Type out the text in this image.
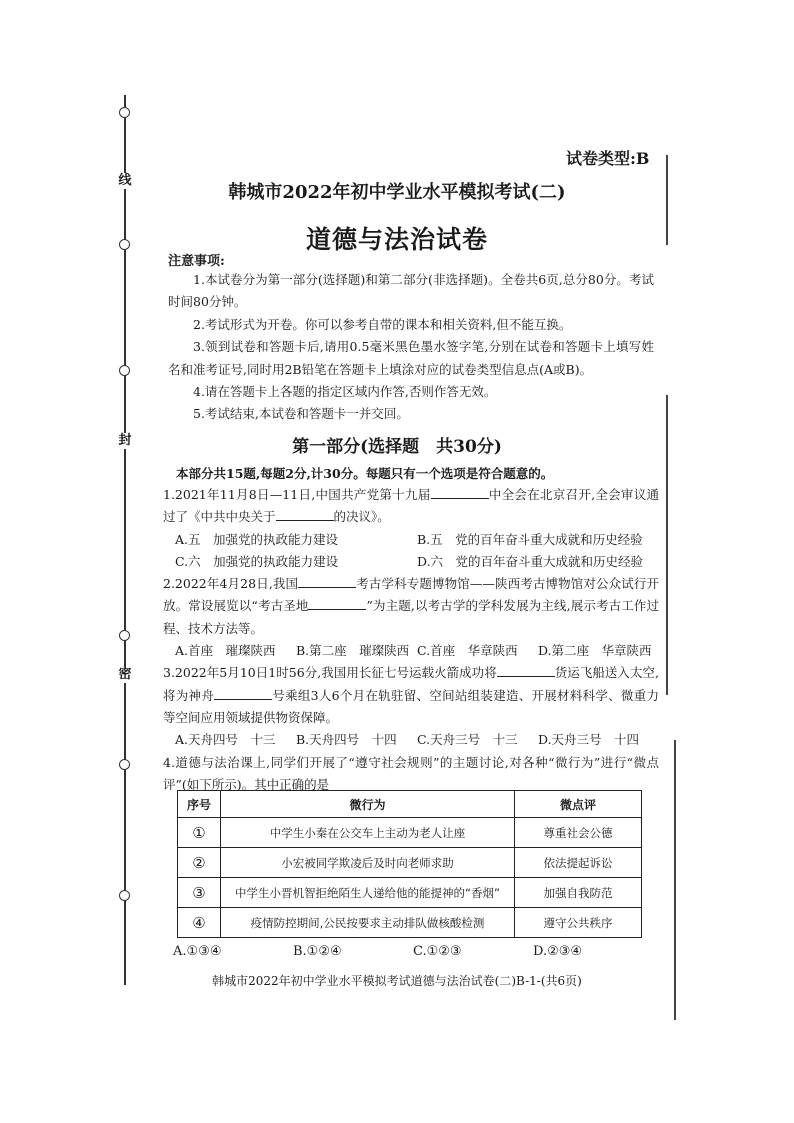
线
封
密
试卷类型:B
韩城市2022年初中学业水平模拟考试(二)
道德与法治试卷
注意事项:

1.本试卷分为第一部分(选择题)和第二部分(非选择题)。全卷共6页,总分80分。考试时间80分钟。

2.考试形式为开卷。你可以参考自带的课本和相关资料,但不能互换。

3.领到试卷和答题卡后,请用0.5毫米黑色墨水签字笔,分别在试卷和答题卡上填写姓名和准考证号,同时用2B铅笔在答题卡上填涂对应的试卷类型信息点(A或B)。

4.请在答题卡上各题的指定区域内作答,否则作答无效。

5.考试结束,本试卷和答题卡一并交回。

第一部分(选择题　共30分)
本部分共15题,每题2分,计30分。每题只有一个选项是符合题意的。

1.2021年11月8日—11日,中国共产党第十九届	中全会在北京召开,全会审议通过了《中共中央关于	的决议》。

A.五　加强党的执政能力建设	B.五　党的百年奋斗重大成就和历史经验
C.六　加强党的执政能力建设	D.六　党的百年奋斗重大成就和历史经验

2.2022年4月28日,我国	考古学科专题博物馆——陕西考古博物馆对公众试行开放。常设展览以“考古圣地	”为主题,以考古学的学科发展为主线,展示考古工作过程、技术方法等。

A.首座　璀璨陕西	B.第二座　璀璨陕西 C.首座　华章陕西	D.第二座　华章陕西

3.2022年5月10日1时56分,我国用长征七号运载火箭成功将	货运飞船送入太空,将为神舟	号乘组3人6个月在轨驻留、空间站组装建造、开展材料科学、微重力等空间应用领域提供物资保障。

A.天舟四号　十三	B.天舟四号　十四	C.天舟三号　十三	D.天舟三号　十四

4.道德与法治课上,同学们开展了“遵守社会规则”的主题讨论,对各种“微行为”进行“微点评”(如下所示)。其中正确的是

序号	微行为	微点评
①	中学生小秦在公交车上主动为老人让座	尊重社会公德
②	小宏被同学欺凌后及时向老师求助	依法提起诉讼
③	中学生小晋机智拒绝陌生人递给他的能提神的“香烟”	加强自我防范
④	疫情防控期间,公民按要求主动排队做核酸检测	遵守公共秩序
A.①③④	B.①②④	C.①②③	D.②③④
韩城市2022年初中学业水平模拟考试道德与法治试卷(二)B-1-(共6页)
